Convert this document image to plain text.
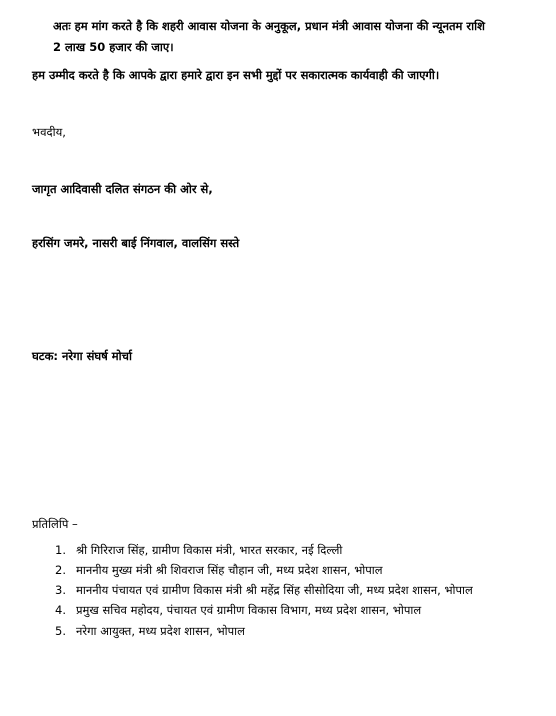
अतः हम मांग करते है कि शहरी आवास योजना के अनुकूल, प्रधान मंत्री आवास योजना की न्यूनतम राशि
2 लाख 50 हजार की जाए।
हम उम्मीद करते है कि आपके द्वारा हमारे द्वारा इन सभी मुद्दों पर सकारात्मक कार्यवाही की जाएगी।
भवदीय,
जागृत आदिवासी दलित संगठन की ओर से,
हरसिंग जमरे, नासरी बाई निंगवाल, वालसिंग सस्ते
घटक: नरेगा संघर्ष मोर्चा
प्रतिलिपि –
1. श्री गिरिराज सिंह, ग्रामीण विकास मंत्री, भारत सरकार, नई दिल्ली
2. माननीय मुख्य मंत्री श्री शिवराज सिंह चौहान जी, मध्य प्रदेश शासन, भोपाल
3. माननीय पंचायत एवं ग्रामीण विकास मंत्री श्री महेंद्र सिंह सीसोदिया जी, मध्य प्रदेश शासन, भोपाल
4. प्रमुख सचिव महोदय, पंचायत एवं ग्रामीण विकास विभाग, मध्य प्रदेश शासन, भोपाल
5. नरेगा आयुक्त, मध्य प्रदेश शासन, भोपाल
